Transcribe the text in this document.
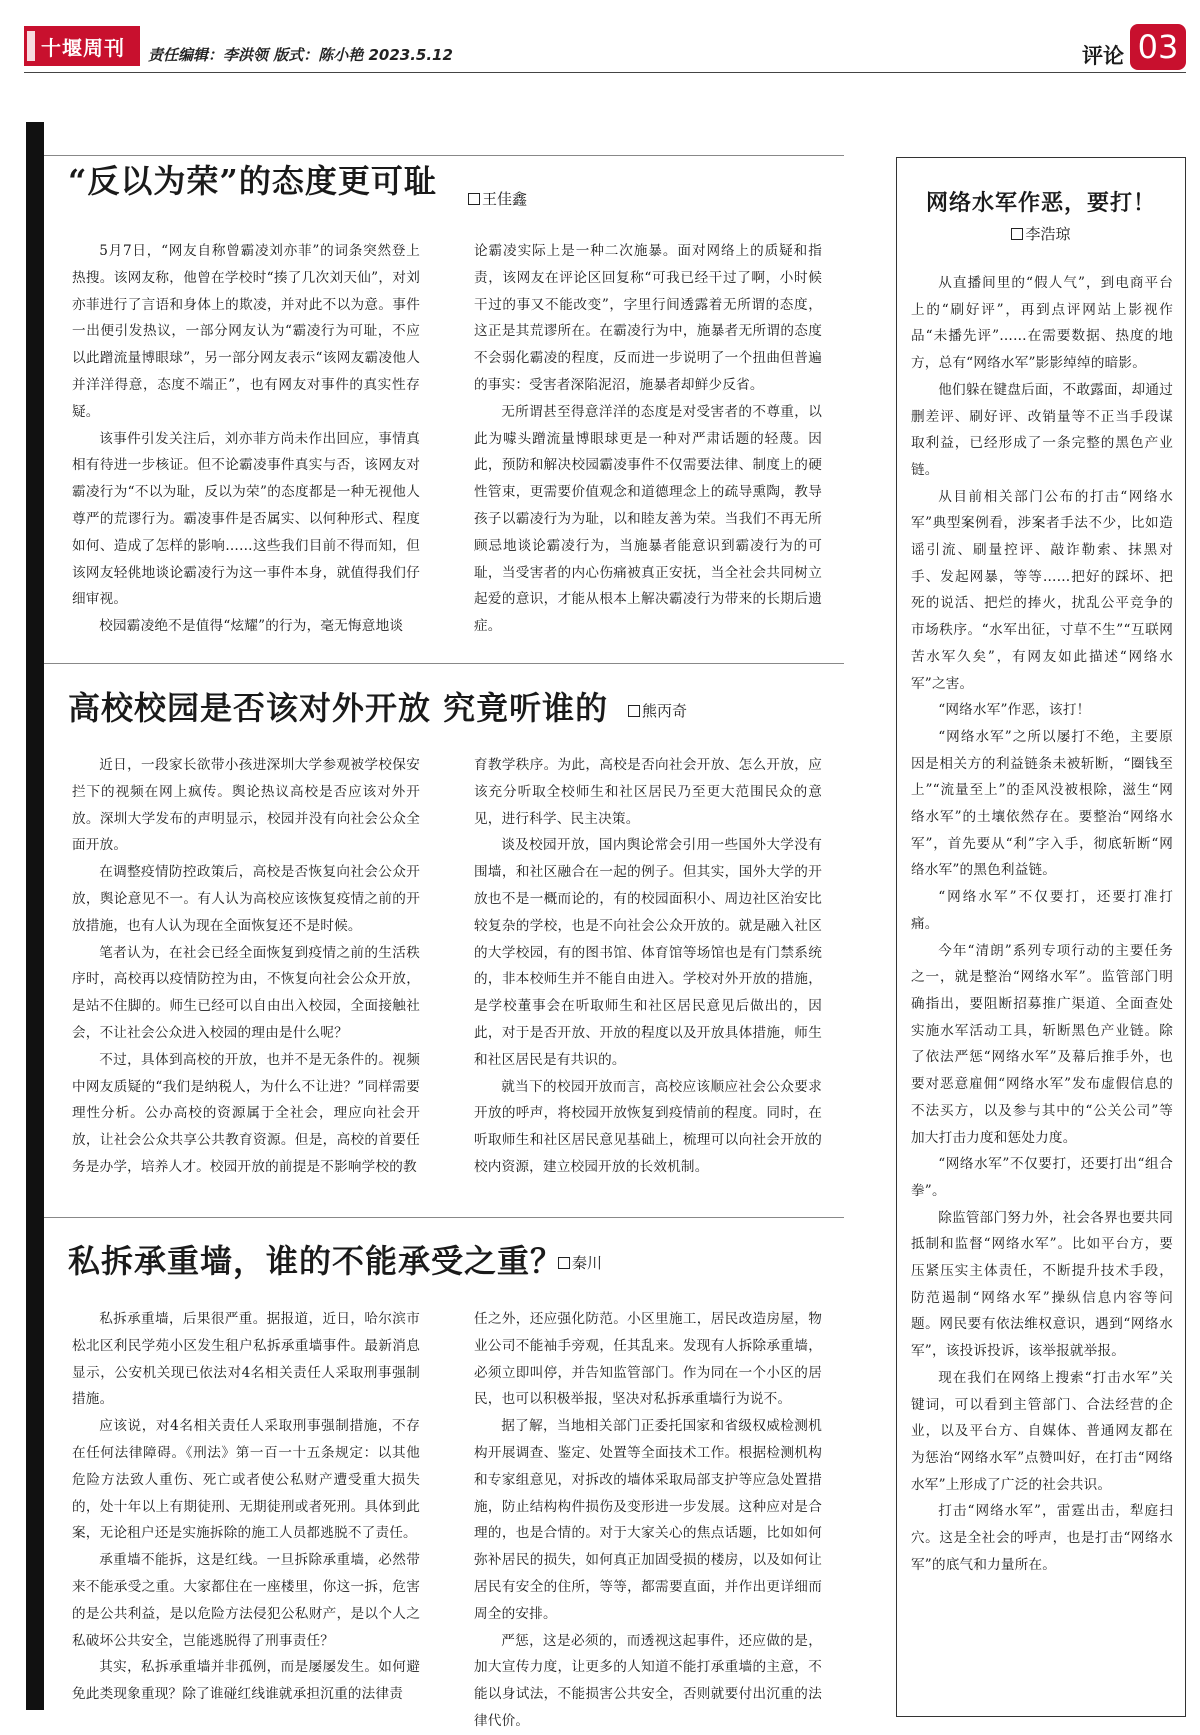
十堰周刊 责任编辑：李洪领 版式：陈小艳 2023.5.12	评论 03
“反以为荣”的态度更可耻	王佳鑫

5月7日，“网友自称曾霸凌刘亦菲”的词条突然登上热搜。该网友称，他曾在学校时“揍了几次刘天仙”，对刘亦菲进行了言语和身体上的欺凌，并对此不以为意。事件一出便引发热议，一部分网友认为“霸凌行为可耻，不应以此蹭流量博眼球”，另一部分网友表示“该网友霸凌他人并洋洋得意，态度不端正”，也有网友对事件的真实性存疑。

该事件引发关注后，刘亦菲方尚未作出回应，事情真相有待进一步核证。但不论霸凌事件真实与否，该网友对霸凌行为“不以为耻，反以为荣”的态度都是一种无视他人尊严的荒谬行为。霸凌事件是否属实、以何种形式、程度如何、造成了怎样的影响……这些我们目前不得而知，但该网友轻佻地谈论霸凌行为这一事件本身，就值得我们仔细审视。

校园霸凌绝不是值得“炫耀”的行为，毫无悔意地谈

论霸凌实际上是一种二次施暴。面对网络上的质疑和指责，该网友在评论区回复称“可我已经干过了啊，小时候干过的事又不能改变”，字里行间透露着无所谓的态度，这正是其荒谬所在。在霸凌行为中，施暴者无所谓的态度不会弱化霸凌的程度，反而进一步说明了一个扭曲但普遍的事实：受害者深陷泥沼，施暴者却鲜少反省。

无所谓甚至得意洋洋的态度是对受害者的不尊重，以此为噱头蹭流量博眼球更是一种对严肃话题的轻蔑。因此，预防和解决校园霸凌事件不仅需要法律、制度上的硬性管束，更需要价值观念和道德理念上的疏导熏陶，教导孩子以霸凌行为为耻，以和睦友善为荣。当我们不再无所顾忌地谈论霸凌行为，当施暴者能意识到霸凌行为的可耻，当受害者的内心伤痛被真正安抚，当全社会共同树立起爱的意识，才能从根本上解决霸凌行为带来的长期后遗症。

高校校园是否该对外开放 究竟听谁的	熊丙奇

近日，一段家长欲带小孩进深圳大学参观被学校保安拦下的视频在网上疯传。舆论热议高校是否应该对外开放。深圳大学发布的声明显示，校园并没有向社会公众全面开放。

在调整疫情防控政策后，高校是否恢复向社会公众开放，舆论意见不一。有人认为高校应该恢复疫情之前的开放措施，也有人认为现在全面恢复还不是时候。

笔者认为，在社会已经全面恢复到疫情之前的生活秩序时，高校再以疫情防控为由，不恢复向社会公众开放，是站不住脚的。师生已经可以自由出入校园，全面接触社会，不让社会公众进入校园的理由是什么呢？

不过，具体到高校的开放，也并不是无条件的。视频中网友质疑的“我们是纳税人，为什么不让进？”同样需要理性分析。公办高校的资源属于全社会，理应向社会开放，让社会公众共享公共教育资源。但是，高校的首要任务是办学，培养人才。校园开放的前提是不影响学校的教

育教学秩序。为此，高校是否向社会开放、怎么开放，应该充分听取全校师生和社区居民乃至更大范围民众的意见，进行科学、民主决策。

谈及校园开放，国内舆论常会引用一些国外大学没有围墙，和社区融合在一起的例子。但其实，国外大学的开放也不是一概而论的，有的校园面积小、周边社区治安比较复杂的学校，也是不向社会公众开放的。就是融入社区的大学校园，有的图书馆、体育馆等场馆也是有门禁系统的，非本校师生并不能自由进入。学校对外开放的措施，是学校董事会在听取师生和社区居民意见后做出的，因此，对于是否开放、开放的程度以及开放具体措施，师生和社区居民是有共识的。

就当下的校园开放而言，高校应该顺应社会公众要求开放的呼声，将校园开放恢复到疫情前的程度。同时，在听取师生和社区居民意见基础上，梳理可以向社会开放的校内资源，建立校园开放的长效机制。

私拆承重墙，谁的不能承受之重？ 秦川

私拆承重墙，后果很严重。据报道，近日，哈尔滨市松北区利民学苑小区发生租户私拆承重墙事件。最新消息显示，公安机关现已依法对4名相关责任人采取刑事强制措施。

应该说，对4名相关责任人采取刑事强制措施，不存在任何法律障碍。《刑法》第一百一十五条规定：以其他危险方法致人重伤、死亡或者使公私财产遭受重大损失的，处十年以上有期徒刑、无期徒刑或者死刑。具体到此案，无论租户还是实施拆除的施工人员都逃脱不了责任。

承重墙不能拆，这是红线。一旦拆除承重墙，必然带来不能承受之重。大家都住在一座楼里，你这一拆，危害的是公共利益，是以危险方法侵犯公私财产，是以个人之私破坏公共安全，岂能逃脱得了刑事责任？

其实，私拆承重墙并非孤例，而是屡屡发生。如何避免此类现象重现？除了谁碰红线谁就承担沉重的法律责

任之外，还应强化防范。小区里施工，居民改造房屋，物业公司不能袖手旁观，任其乱来。发现有人拆除承重墙，必须立即叫停，并告知监管部门。作为同在一个小区的居民，也可以积极举报，坚决对私拆承重墙行为说不。

据了解，当地相关部门正委托国家和省级权威检测机构开展调查、鉴定、处置等全面技术工作。根据检测机构和专家组意见，对拆改的墙体采取局部支护等应急处置措施，防止结构构件损伤及变形进一步发展。这种应对是合理的，也是合情的。对于大家关心的焦点话题，比如如何弥补居民的损失，如何真正加固受损的楼房，以及如何让居民有安全的住所，等等，都需要直面，并作出更详细而周全的安排。

严惩，这是必须的，而透视这起事件，还应做的是，加大宣传力度，让更多的人知道不能打承重墙的主意，不能以身试法，不能损害公共安全，否则就要付出沉重的法律代价。

网络水军作恶，要打！
李浩琼

从直播间里的“假人气”，到电商平台上的“刷好评”，再到点评网站上影视作品“未播先评”……在需要数据、热度的地方，总有“网络水军”影影绰绰的暗影。

他们躲在键盘后面，不敢露面，却通过删差评、刷好评、改销量等不正当手段谋取利益，已经形成了一条完整的黑色产业链。

从目前相关部门公布的打击“网络水军”典型案例看，涉案者手法不少，比如造谣引流、刷量控评、敲诈勒索、抹黑对手、发起网暴，等等……把好的踩坏、把死的说活、把烂的捧火，扰乱公平竞争的市场秩序。“水军出征，寸草不生”“互联网苦水军久矣”，有网友如此描述“网络水军”之害。

“网络水军”作恶，该打！

“网络水军”之所以屡打不绝，主要原因是相关方的利益链条未被斩断，“圈钱至上”“流量至上”的歪风没被根除，滋生“网络水军”的土壤依然存在。要整治“网络水军”，首先要从“利”字入手，彻底斩断“网络水军”的黑色利益链。

“网络水军”不仅要打，还要打准打痛。

今年“清朗”系列专项行动的主要任务之一，就是整治“网络水军”。监管部门明确指出，要阻断招募推广渠道、全面查处实施水军活动工具，斩断黑色产业链。除了依法严惩“网络水军”及幕后推手外，也要对恶意雇佣“网络水军”发布虚假信息的不法买方，以及参与其中的“公关公司”等加大打击力度和惩处力度。

“网络水军”不仅要打，还要打出“组合拳”。

除监管部门努力外，社会各界也要共同抵制和监督“网络水军”。比如平台方，要压紧压实主体责任，不断提升技术手段，防范遏制“网络水军”操纵信息内容等问题。网民要有依法维权意识，遇到“网络水军”，该投诉投诉，该举报就举报。

现在我们在网络上搜索“打击水军”关键词，可以看到主管部门、合法经营的企业，以及平台方、自媒体、普通网友都在为惩治“网络水军”点赞叫好，在打击“网络水军”上形成了广泛的社会共识。

打击“网络水军”，雷霆出击，犁庭扫穴。这是全社会的呼声，也是打击“网络水军”的底气和力量所在。
